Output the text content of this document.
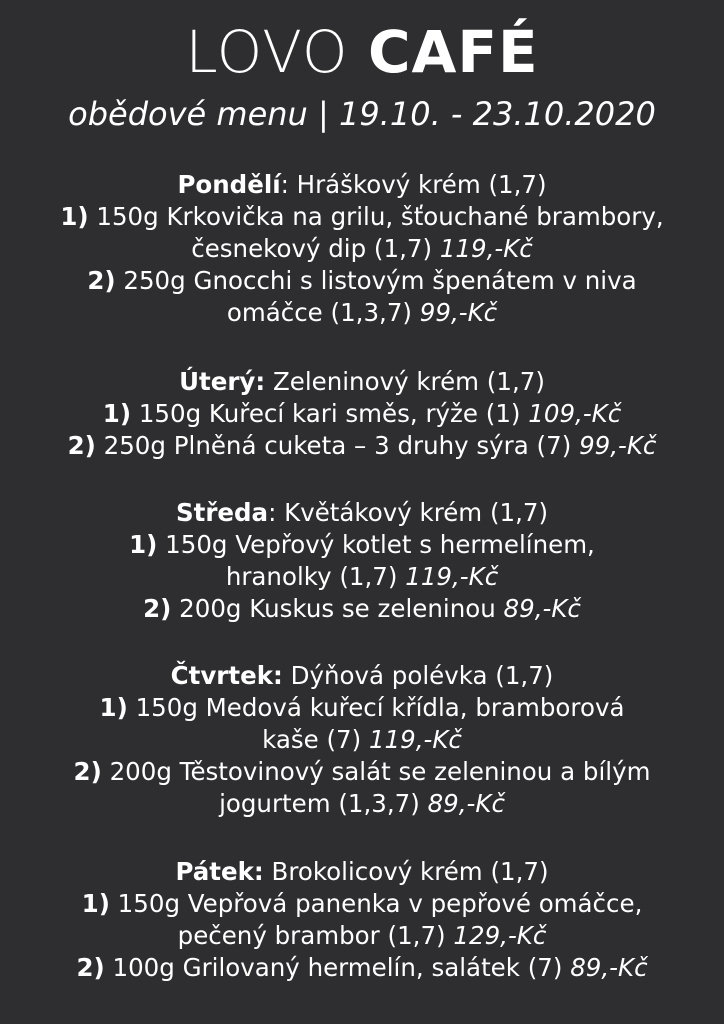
LOVO CAFÉ
obědové menu | 19.10. - 23.10.2020
Pondělí: Hráškový krém (1,7)
1) 150g Krkovička na grilu, šťouchané brambory,
česnekový dip (1,7) 119,-Kč
2) 250g Gnocchi s listovým špenátem v niva
omáčce (1,3,7) 99,-Kč
Úterý: Zeleninový krém (1,7)
1) 150g Kuřecí kari směs, rýže (1) 109,-Kč
2) 250g Plněná cuketa – 3 druhy sýra (7) 99,-Kč
Středa: Květákový krém (1,7)
1) 150g Vepřový kotlet s hermelínem,
hranolky (1,7) 119,-Kč
2) 200g Kuskus se zeleninou 89,-Kč
Čtvrtek: Dýňová polévka (1,7)
1) 150g Medová kuřecí křídla, bramborová
kaše (7) 119,-Kč
2) 200g Těstovinový salát se zeleninou a bílým
jogurtem (1,3,7) 89,-Kč
Pátek: Brokolicový krém (1,7)
1) 150g Vepřová panenka v pepřové omáčce,
pečený brambor (1,7) 129,-Kč
2) 100g Grilovaný hermelín, salátek (7) 89,-Kč
